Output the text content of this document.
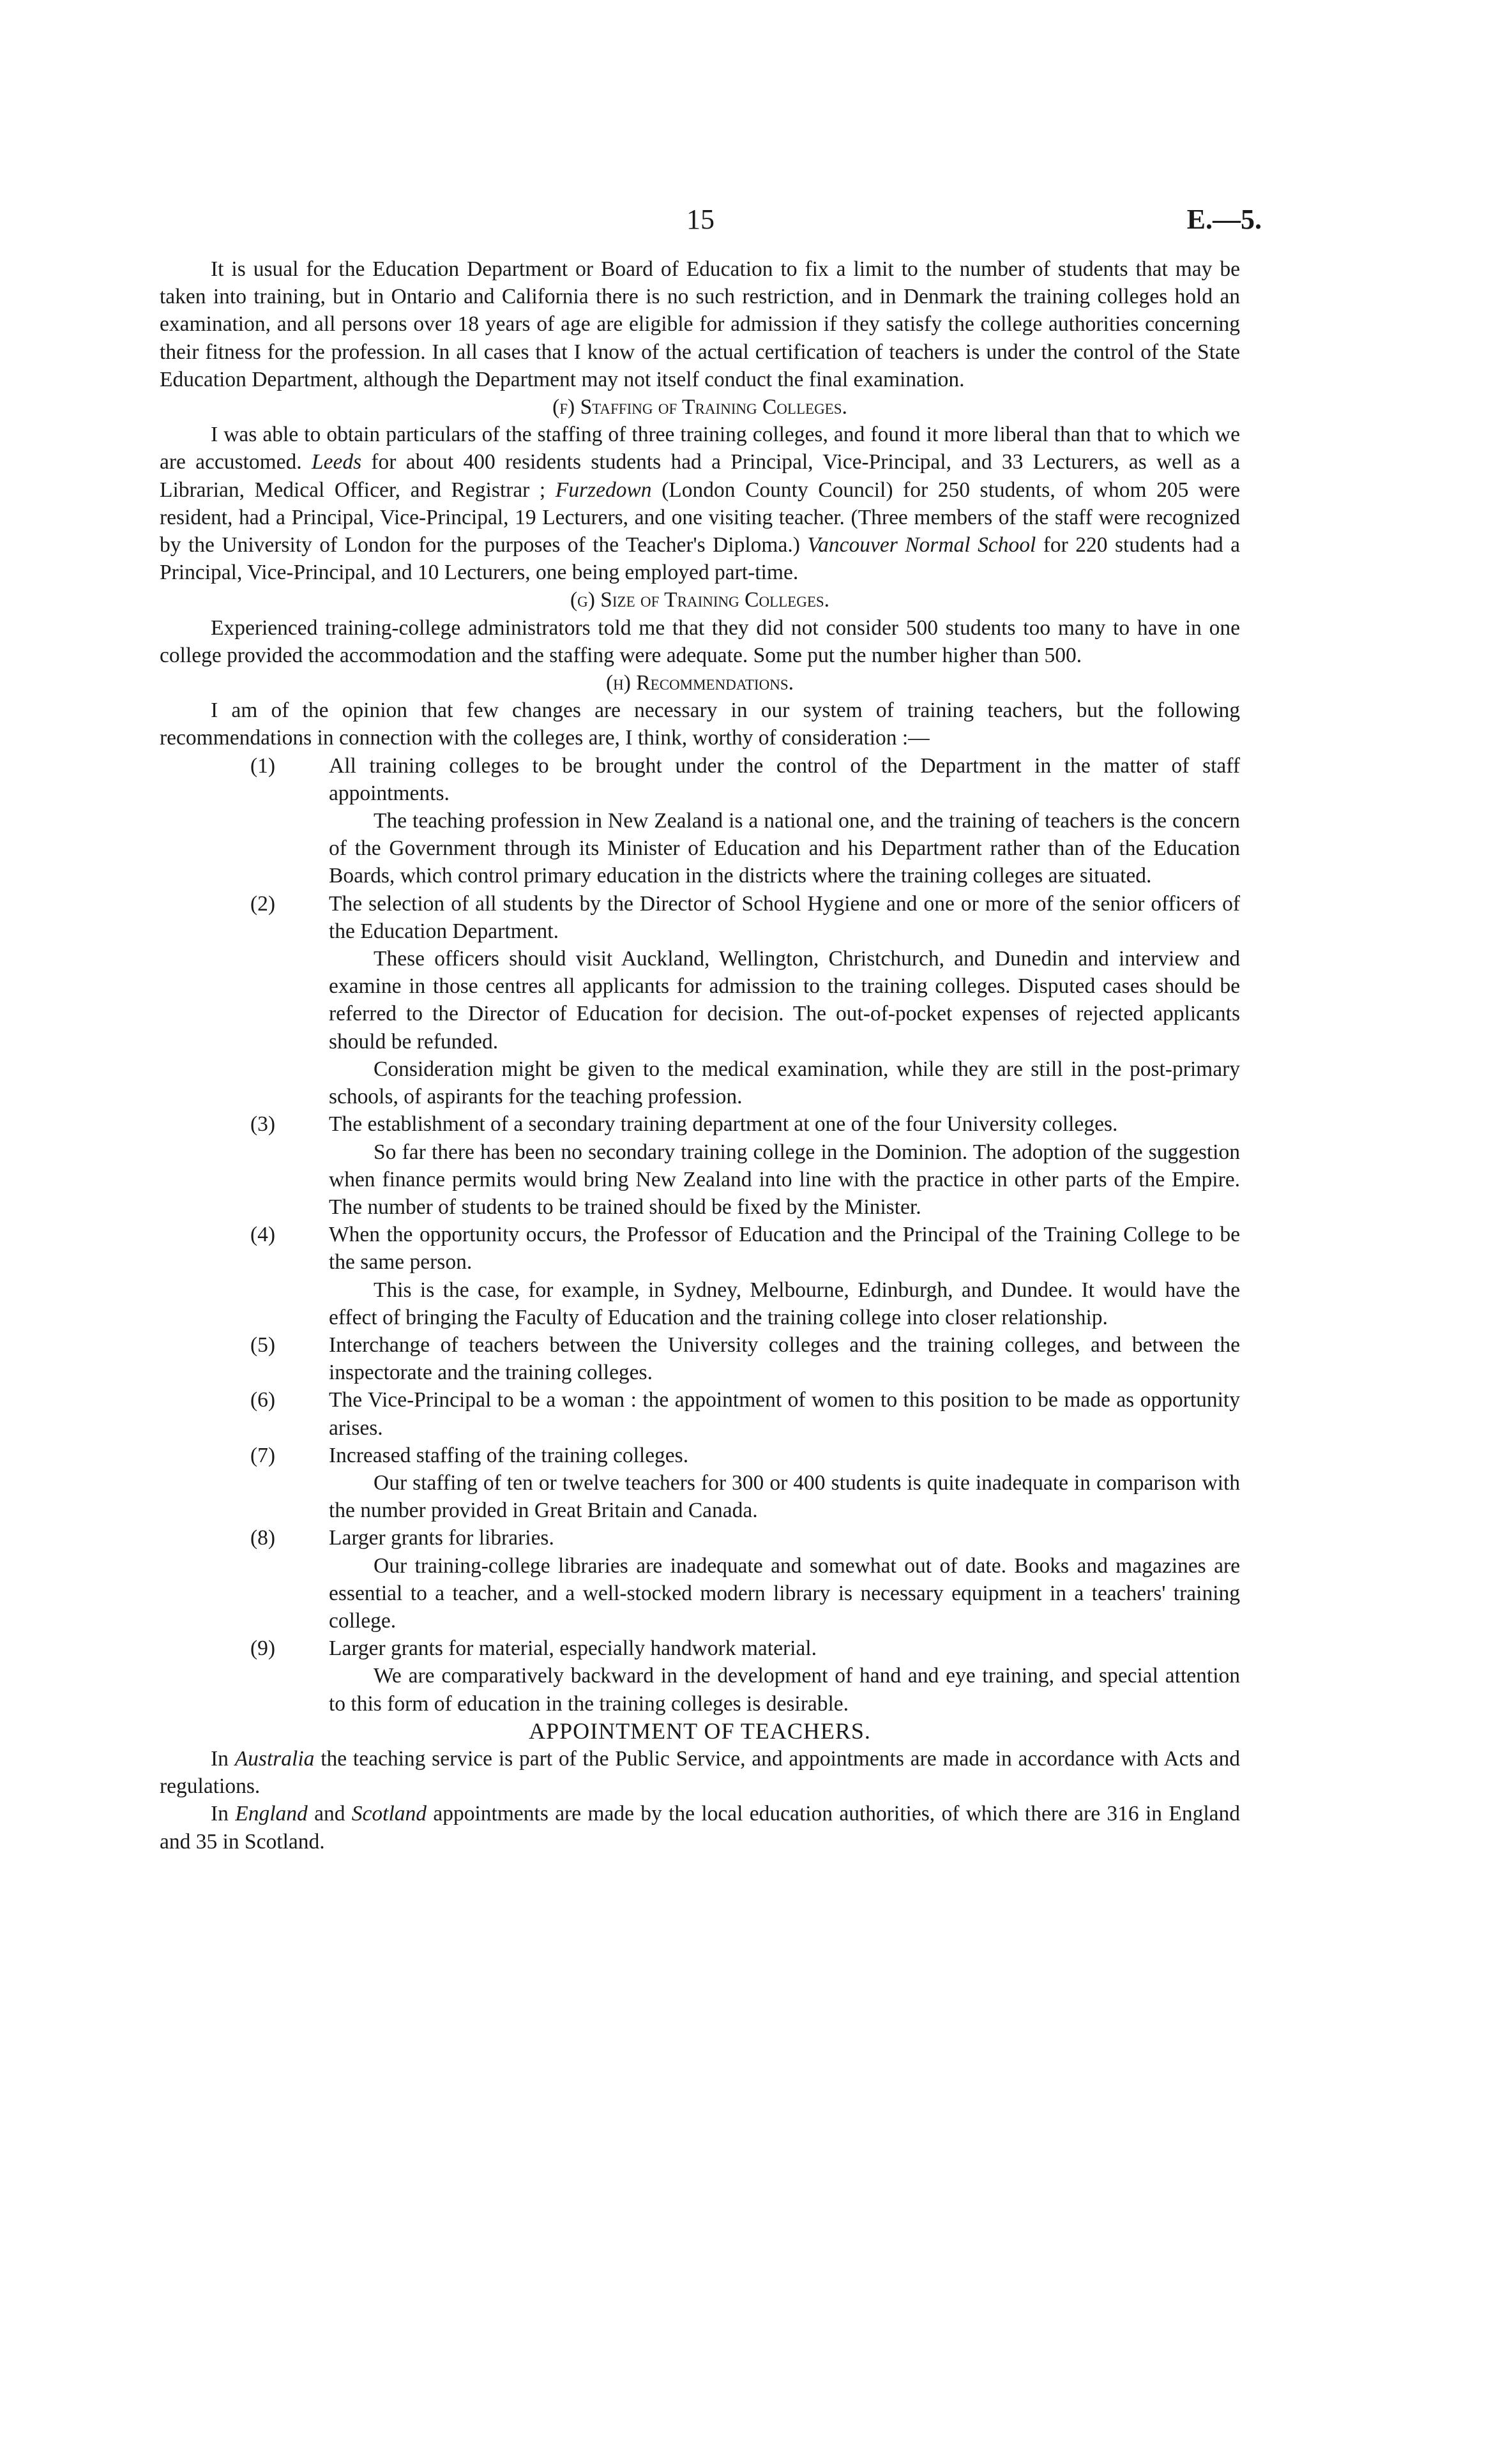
15	E.—5.

It is usual for the Education Department or Board of Education to fix a limit to the number of students that may be taken into training, but in Ontario and California there is no such restriction, and in Denmark the training colleges hold an examination, and all persons over 18 years of age are eligible for admission if they satisfy the college authorities concerning their fitness for the profession. In all cases that I know of the actual certification of teachers is under the control of the State Education Department, although the Department may not itself conduct the final examination.

(f) Staffing of Training Colleges.

I was able to obtain particulars of the staffing of three training colleges, and found it more liberal than that to which we are accustomed. Leeds for about 400 residents students had a Principal, Vice-Principal, and 33 Lecturers, as well as a Librarian, Medical Officer, and Registrar ; Furzedown (London County Council) for 250 students, of whom 205 were resident, had a Principal, Vice-Principal, 19 Lecturers, and one visiting teacher. (Three members of the staff were recognized by the University of London for the purposes of the Teacher's Diploma.) Vancouver Normal School for 220 students had a Principal, Vice-Principal, and 10 Lecturers, one being employed part-time.

(g) Size of Training Colleges.

Experienced training-college administrators told me that they did not consider 500 students too many to have in one college provided the accommodation and the staffing were adequate. Some put the number higher than 500.

(h) Recommendations.

I am of the opinion that few changes are necessary in our system of training teachers, but the following recommendations in connection with the colleges are, I think, worthy of consideration :—

(1)	All training colleges to be brought under the control of the Department in the matter of staff appointments.

The teaching profession in New Zealand is a national one, and the training of teachers is the concern of the Government through its Minister of Education and his Department rather than of the Education Boards, which control primary education in the districts where the training colleges are situated.

(2)	The selection of all students by the Director of School Hygiene and one or more of the senior officers of the Education Department.

These officers should visit Auckland, Wellington, Christchurch, and Dunedin and interview and examine in those centres all applicants for admission to the training colleges. Disputed cases should be referred to the Director of Education for decision. The out-of-pocket expenses of rejected applicants should be refunded.

Consideration might be given to the medical examination, while they are still in the post-primary schools, of aspirants for the teaching profession.

(3)	The establishment of a secondary training department at one of the four University colleges.

So far there has been no secondary training college in the Dominion. The adoption of the suggestion when finance permits would bring New Zealand into line with the practice in other parts of the Empire. The number of students to be trained should be fixed by the Minister.

(4)	When the opportunity occurs, the Professor of Education and the Principal of the Training College to be the same person.

This is the case, for example, in Sydney, Melbourne, Edinburgh, and Dundee. It would have the effect of bringing the Faculty of Education and the training college into closer relationship.

(5)	Interchange of teachers between the University colleges and the training colleges, and between the inspectorate and the training colleges.

(6)	The Vice-Principal to be a woman : the appointment of women to this position to be made as opportunity arises.

(7)	Increased staffing of the training colleges.

Our staffing of ten or twelve teachers for 300 or 400 students is quite inadequate in comparison with the number provided in Great Britain and Canada.

(8)	Larger grants for libraries.

Our training-college libraries are inadequate and somewhat out of date. Books and magazines are essential to a teacher, and a well-stocked modern library is necessary equipment in a teachers' training college.

(9)	Larger grants for material, especially handwork material.

We are comparatively backward in the development of hand and eye training, and special attention to this form of education in the training colleges is desirable.

APPOINTMENT OF TEACHERS.

In Australia the teaching service is part of the Public Service, and appointments are made in accordance with Acts and regulations.

In England and Scotland appointments are made by the local education authorities, of which there are 316 in England and 35 in Scotland.
